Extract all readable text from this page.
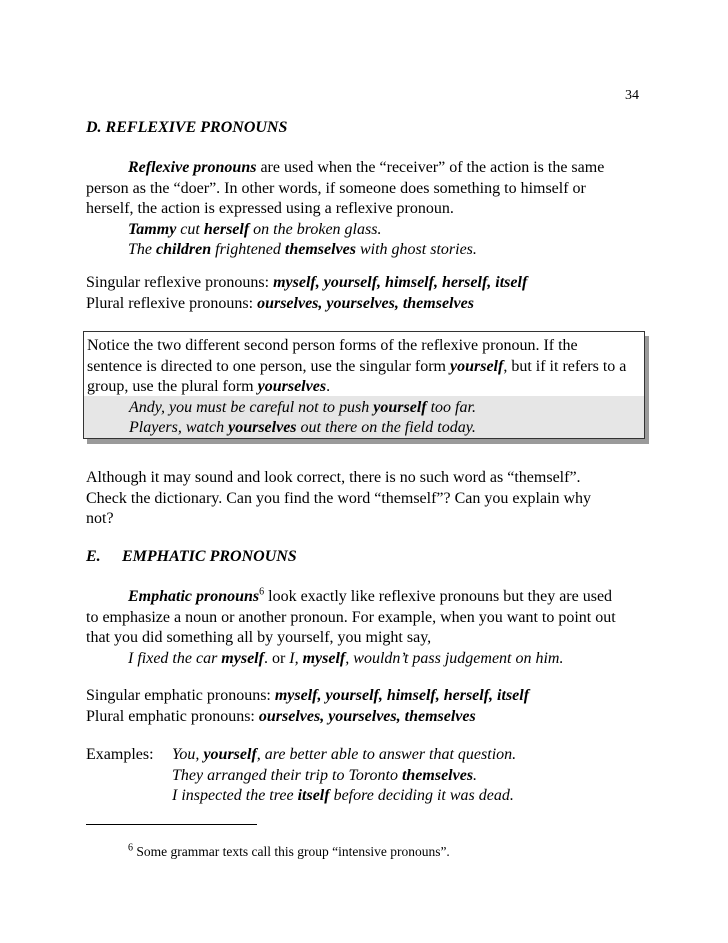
34
D. REFLEXIVE PRONOUNS
Reflexive pronouns are used when the “receiver” of the action is the same
person as the “doer”. In other words, if someone does something to himself or
herself, the action is expressed using a reflexive pronoun.
Tammy cut herself on the broken glass.
The children frightened themselves with ghost stories.
Singular reflexive pronouns: myself, yourself, himself, herself, itself
Plural reflexive pronouns: ourselves, yourselves, themselves
Notice the two different second person forms of the reflexive pronoun. If the
sentence is directed to one person, use the singular form yourself, but if it refers to a
group, use the plural form yourselves.
Andy, you must be careful not to push yourself too far.
Players, watch yourselves out there on the field today.
Although it may sound and look correct, there is no such word as “themself”.
Check the dictionary. Can you find the word “themself”? Can you explain why
not?
E. EMPHATIC PRONOUNS
Emphatic pronouns$^6$ look exactly like reflexive pronouns but they are used
to emphasize a noun or another pronoun. For example, when you want to point out
that you did something all by yourself, you might say,
I fixed the car myself. or I, myself, wouldn’t pass judgement on him.
Singular emphatic pronouns: myself, yourself, himself, herself, itself
Plural emphatic pronouns: ourselves, yourselves, themselves
Examples: You, yourself, are better able to answer that question.
They arranged their trip to Toronto themselves.
I inspected the tree itself before deciding it was dead.
$^6$ Some grammar texts call this group “intensive pronouns”.
